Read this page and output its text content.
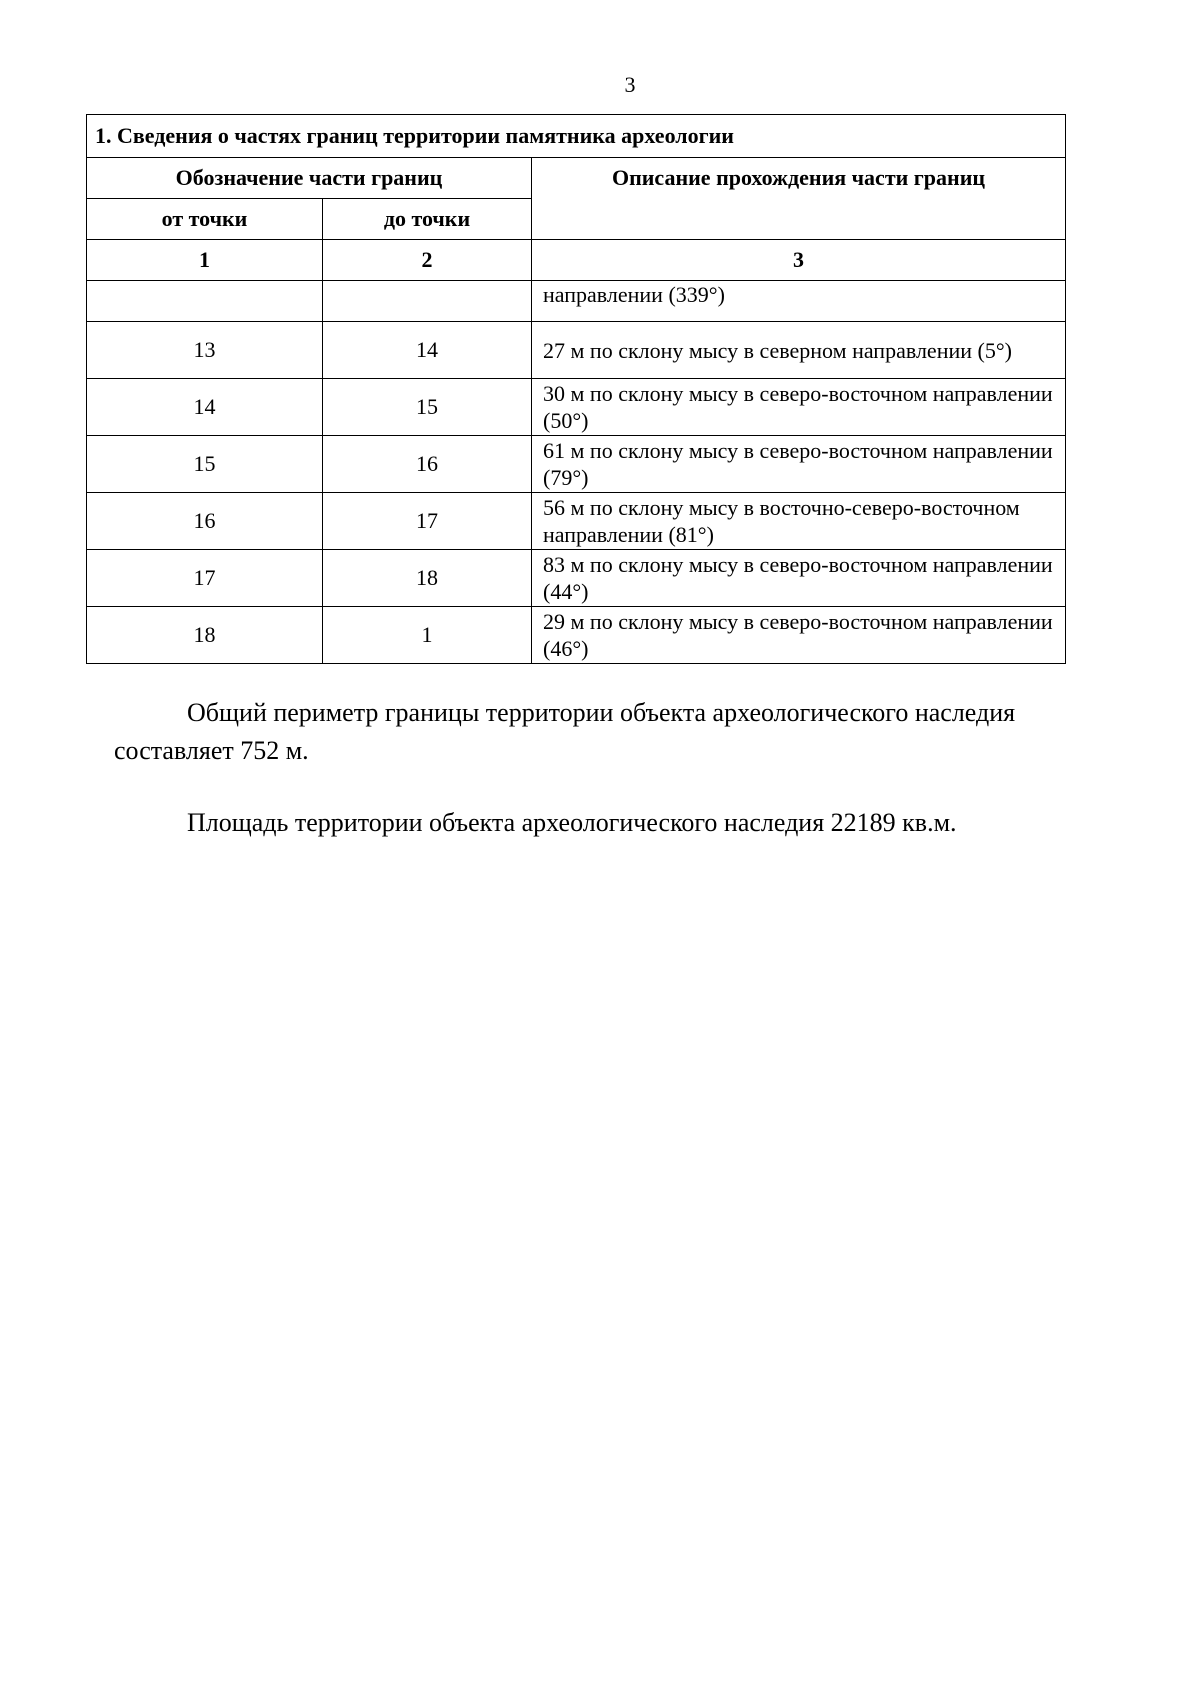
3
1. Сведения о частях границ территории памятника археологии		
Обозначение части границ		Описание прохождения части границ
от точки	до точки	
1	2	3
		направлении (339°)
13	14	27 м по склону мысу в северном направлении (5°)
14	15	30 м по склону мысу в северо-восточном направлении (50°)
15	16	61 м по склону мысу в северо-восточном направлении (79°)
16	17	56 м по склону мысу в восточно-северо-восточном направлении (81°)
17	18	83 м по склону мысу в северо-восточном направлении (44°)
18	1	29 м по склону мысу в северо-восточном направлении (46°)

Общий периметр границы территории объекта археологического наследия составляет 752 м.

Площадь территории объекта археологического наследия 22189 кв.м.
